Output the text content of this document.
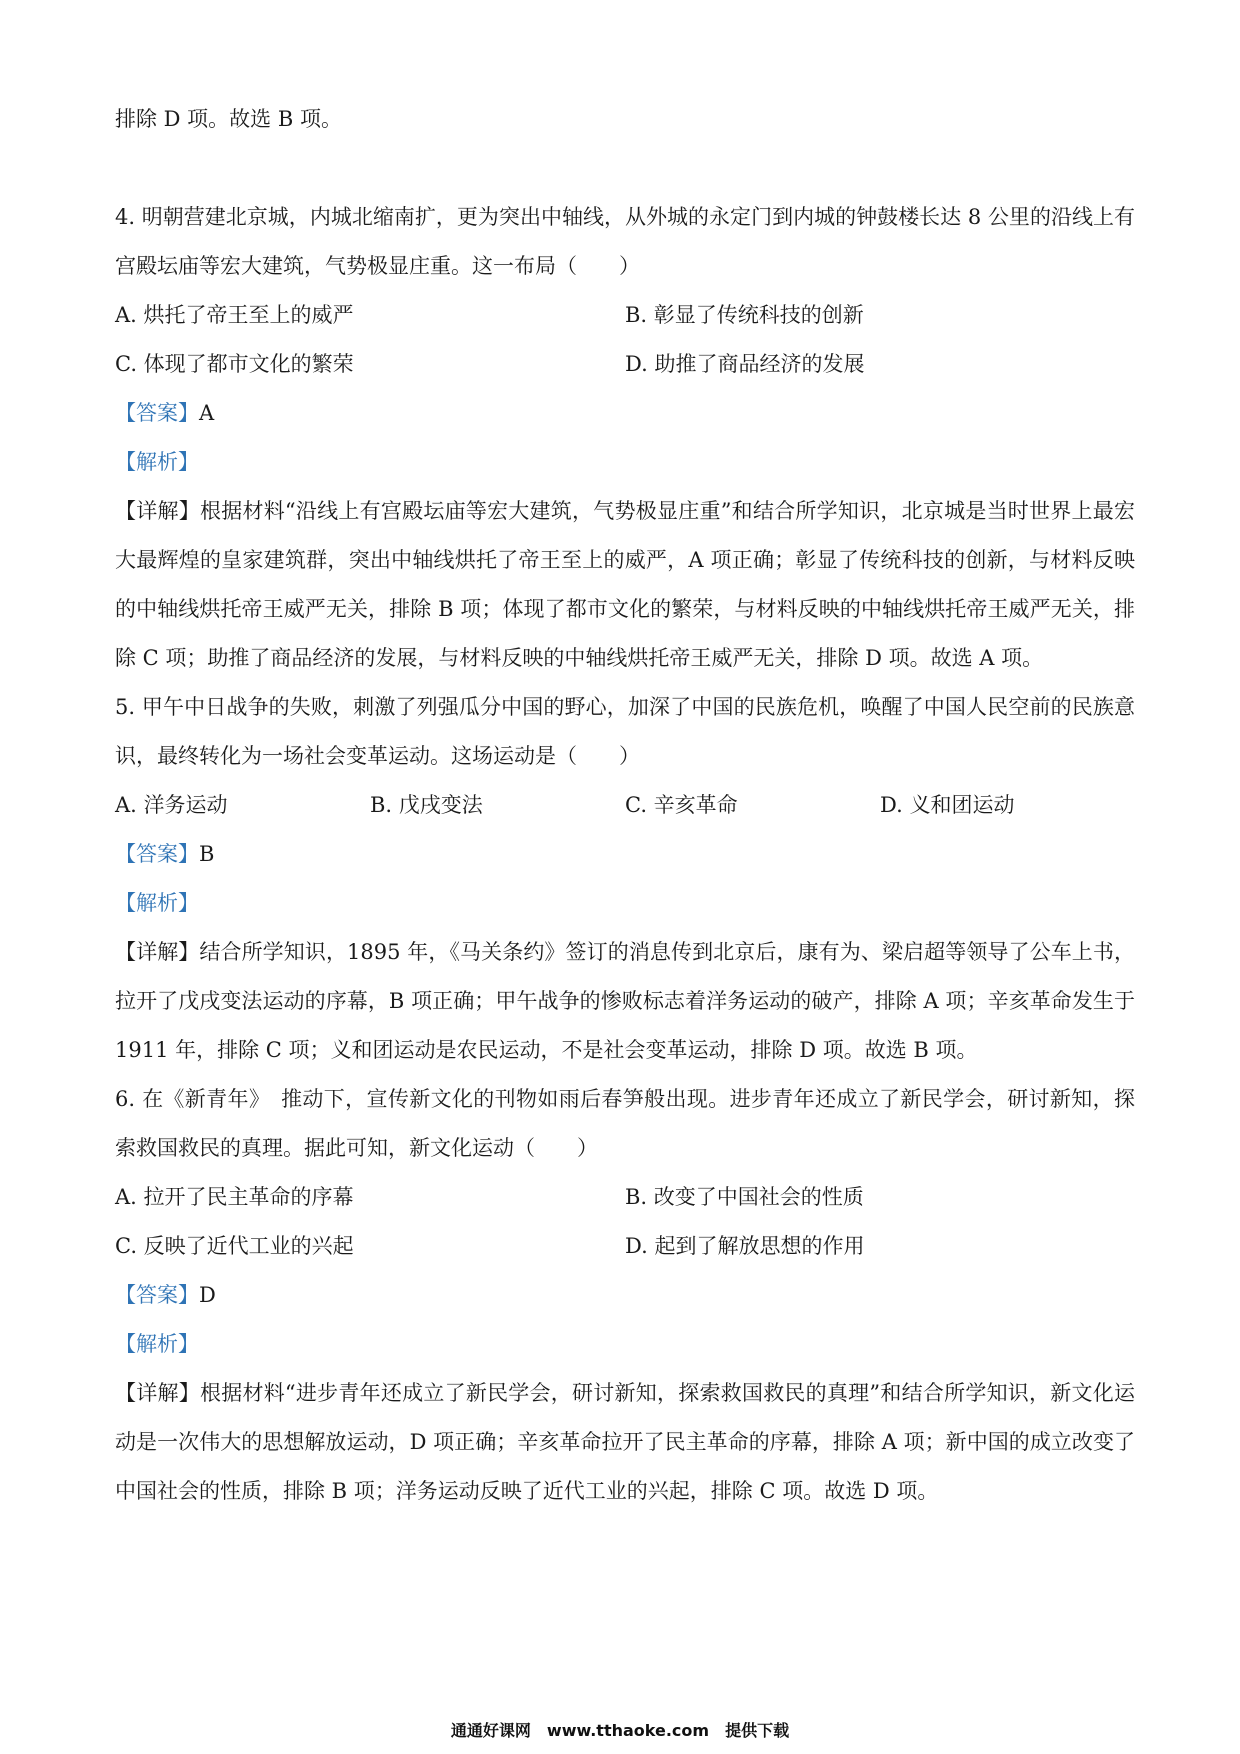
排除 D 项。故选 B 项。

4. 明朝营建北京城，内城北缩南扩，更为突出中轴线，从外城的永定门到内城的钟鼓楼长达 8 公里的沿线上有宫殿坛庙等宏大建筑，气势极显庄重。这一布局（　　）

A. 烘托了帝王至上的威严	B. 彰显了传统科技的创新
C. 体现了都市文化的繁荣	D. 助推了商品经济的发展

【答案】A

【解析】

【详解】根据材料“沿线上有宫殿坛庙等宏大建筑，气势极显庄重”和结合所学知识，北京城是当时世界上最宏大最辉煌的皇家建筑群，突出中轴线烘托了帝王至上的威严，A 项正确；彰显了传统科技的创新，与材料反映的中轴线烘托帝王威严无关，排除 B 项；体现了都市文化的繁荣，与材料反映的中轴线烘托帝王威严无关，排除 C 项；助推了商品经济的发展，与材料反映的中轴线烘托帝王威严无关，排除 D 项。故选 A 项。

5. 甲午中日战争的失败，刺激了列强瓜分中国的野心，加深了中国的民族危机，唤醒了中国人民空前的民族意识，最终转化为一场社会变革运动。这场运动是（　　）

A. 洋务运动	B. 戊戌变法	C. 辛亥革命	D. 义和团运动

【答案】B

【解析】

【详解】结合所学知识，1895 年，《马关条约》签订的消息传到北京后，康有为、梁启超等领导了公车上书，拉开了戊戌变法运动的序幕，B 项正确；甲午战争的惨败标志着洋务运动的破产，排除 A 项；辛亥革命发生于 1911 年，排除 C 项；义和团运动是农民运动，不是社会变革运动，排除 D 项。故选 B 项。

6. 在《新青年》　推动下，宣传新文化的刊物如雨后春笋般出现。进步青年还成立了新民学会，研讨新知，探索救国救民的真理。据此可知，新文化运动（　　）

A. 拉开了民主革命的序幕	B. 改变了中国社会的性质
C. 反映了近代工业的兴起	D. 起到了解放思想的作用

【答案】D

【解析】

【详解】根据材料“进步青年还成立了新民学会，研讨新知，探索救国救民的真理”和结合所学知识，新文化运动是一次伟大的思想解放运动，D 项正确；辛亥革命拉开了民主革命的序幕，排除 A 项；新中国的成立改变了中国社会的性质，排除 B 项；洋务运动反映了近代工业的兴起，排除 C 项。故选 D 项。

通通好课网　www.tthaoke.com　提供下载
